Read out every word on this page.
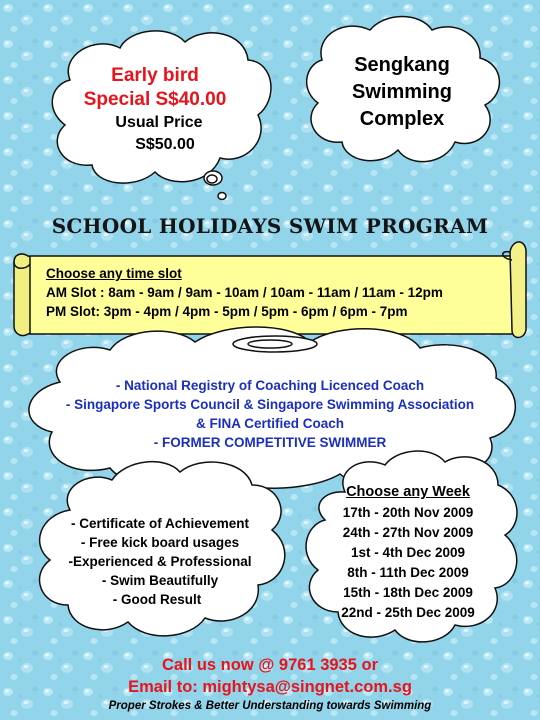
Early bird
Special S$40.00
Usual Price
S$50.00
Sengkang
Swimming
Complex
SCHOOL HOLIDAYS SWIM PROGRAM
Choose any time slot
AM Slot : 8am - 9am / 9am - 10am / 10am - 11am / 11am - 12pm
PM Slot: 3pm - 4pm / 4pm - 5pm / 5pm - 6pm / 6pm - 7pm
- National Registry of Coaching Licenced Coach
- Singapore Sports Council & Singapore Swimming Association
& FINA Certified Coach
- FORMER COMPETITIVE SWIMMER
- Certificate of Achievement
- Free kick board usages
-Experienced & Professional
- Swim Beautifully
- Good Result
Choose any Week
17th - 20th Nov 2009
24th - 27th Nov 2009
1st - 4th Dec 2009
8th - 11th Dec 2009
15th - 18th Dec 2009
22nd - 25th Dec 2009
Call us now @ 9761 3935 or
Email to: mightysa@singnet.com.sg
Proper Strokes & Better Understanding towards Swimming
